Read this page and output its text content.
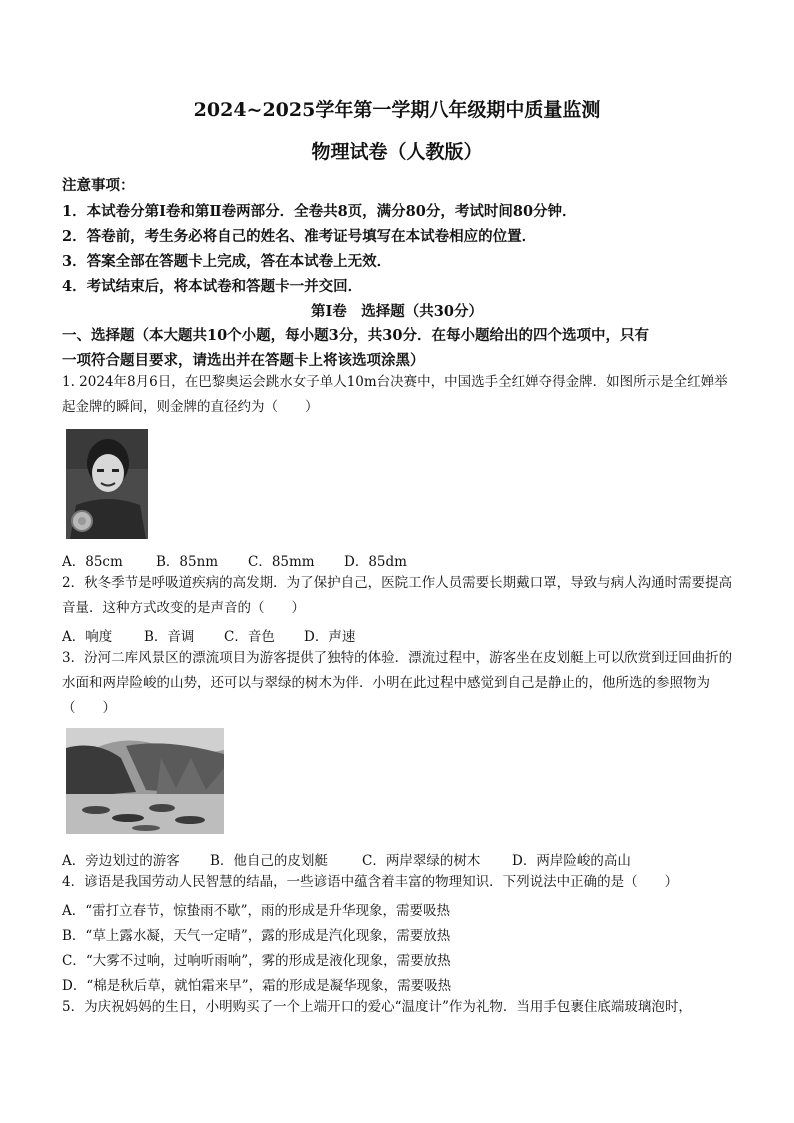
2024~2025学年第一学期八年级期中质量监测
物理试卷（人教版）
注意事项：
1．本试卷分第Ⅰ卷和第Ⅱ卷两部分．全卷共8页，满分80分，考试时间80分钟．
2．答卷前，考生务必将自己的姓名、准考证号填写在本试卷相应的位置．
3．答案全部在答题卡上完成，答在本试卷上无效．
4．考试结束后，将本试卷和答题卡一并交回．
第Ⅰ卷　选择题（共30分）
一、选择题（本大题共10个小题，每小题3分，共30分．在每小题给出的四个选项中，只有
一项符合题目要求，请选出并在答题卡上将该选项涂黑）
1. 2024年8月6日，在巴黎奥运会跳水女子单人10m台决赛中，中国选手全红婵夺得金牌．如图所示是全红婵举起金牌的瞬间，则金牌的直径约为（　　）
A．85cm B．85nm C．85mm D．85dm
2．秋冬季节是呼吸道疾病的高发期．为了保护自己，医院工作人员需要长期戴口罩，导致与病人沟通时需要提高音量．这种方式改变的是声音的（　　）
A．响度 B．音调 C．音色 D．声速
3．汾河二库风景区的漂流项目为游客提供了独特的体验．漂流过程中，游客坐在皮划艇上可以欣赏到迂回曲折的水面和两岸险峻的山势，还可以与翠绿的树木为伴．小明在此过程中感觉到自己是静止的，他所选的参照物为（　　）
A．旁边划过的游客 B．他自己的皮划艇	C．两岸翠绿的树木 D．两岸险峻的高山
4．谚语是我国劳动人民智慧的结晶，一些谚语中蕴含着丰富的物理知识．下列说法中正确的是（　　）
A．“雷打立春节，惊蛰雨不歇”，雨的形成是升华现象，需要吸热
B．“草上露水凝，天气一定晴”，露的形成是汽化现象，需要放热
C．“大雾不过响，过响听雨响”，雾的形成是液化现象，需要放热
D．“棉是秋后草，就怕霜来早”，霜的形成是凝华现象，需要吸热
5．为庆祝妈妈的生日，小明购买了一个上端开口的爱心“温度计”作为礼物．当用手包裹住底端玻璃泡时，
